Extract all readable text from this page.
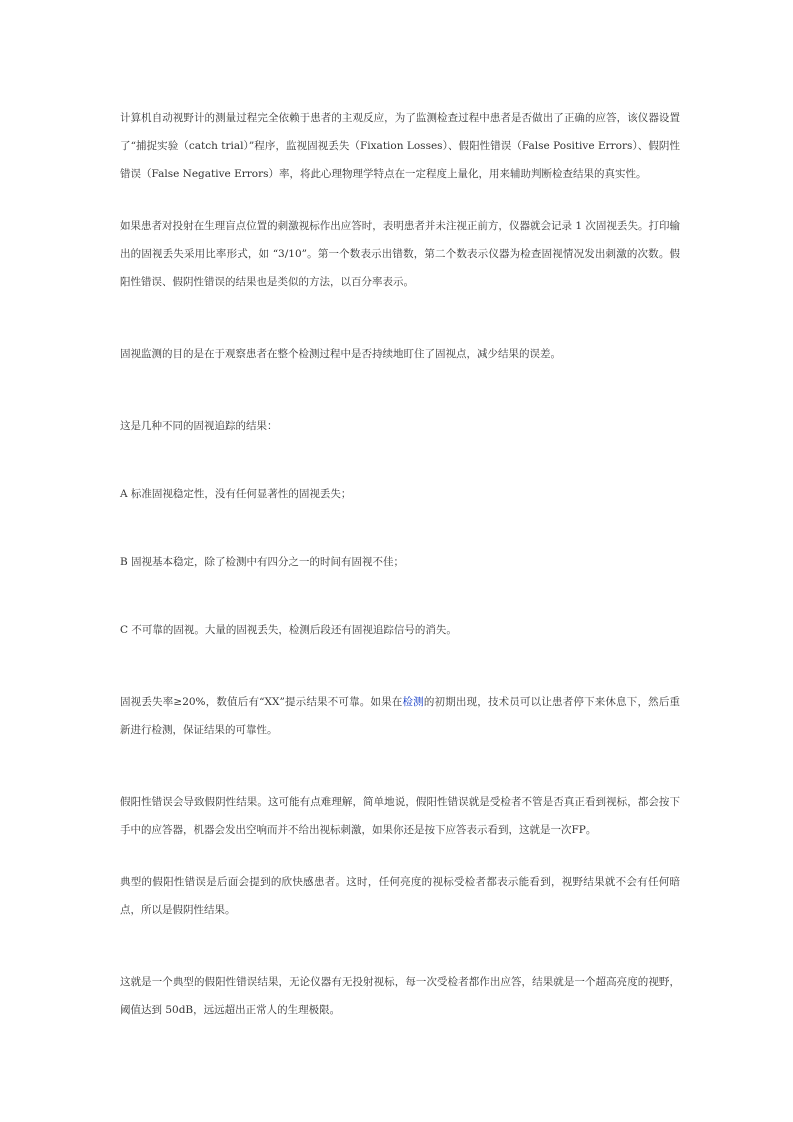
计算机自动视野计的测量过程完全依赖于患者的主观反应，为了监测检查过程中患者是否做出了正确的应答，该仪器设置了“捕捉实验（catch trial）”程序，监视固视丢失（Fixation Losses）、假阳性错误（False Positive Errors）、假阴性错误（False Negative Errors）率，将此心理物理学特点在一定程度上量化，用来辅助判断检查结果的真实性。

如果患者对投射在生理盲点位置的刺激视标作出应答时，表明患者并未注视正前方，仪器就会记录 1 次固视丢失。打印输出的固视丢失采用比率形式，如 “3/10”。第一个数表示出错数，第二个数表示仪器为检查固视情况发出刺激的次数。假阳性错误、假阴性错误的结果也是类似的方法，以百分率表示。

固视监测的目的是在于观察患者在整个检测过程中是否持续地盯住了固视点，减少结果的误差。

这是几种不同的固视追踪的结果：

A 标准固视稳定性，没有任何显著性的固视丢失；

B 固视基本稳定，除了检测中有四分之一的时间有固视不佳；

C 不可靠的固视。大量的固视丢失，检测后段还有固视追踪信号的消失。

固视丢失率≥20%，数值后有“XX”提示结果不可靠。如果在检测的初期出现，技术员可以让患者停下来休息下，然后重新进行检测，保证结果的可靠性。

假阳性错误会导致假阴性结果。这可能有点难理解，简单地说，假阳性错误就是受检者不管是否真正看到视标，都会按下手中的应答器，机器会发出空响而并不给出视标刺激，如果你还是按下应答表示看到，这就是一次FP。

典型的假阳性错误是后面会提到的欣快感患者。这时，任何亮度的视标受检者都表示能看到，视野结果就不会有任何暗点，所以是假阴性结果。

这就是一个典型的假阳性错误结果，无论仪器有无投射视标，每一次受检者都作出应答，结果就是一个超高亮度的视野，阈值达到 50dB，远远超出正常人的生理极限。
